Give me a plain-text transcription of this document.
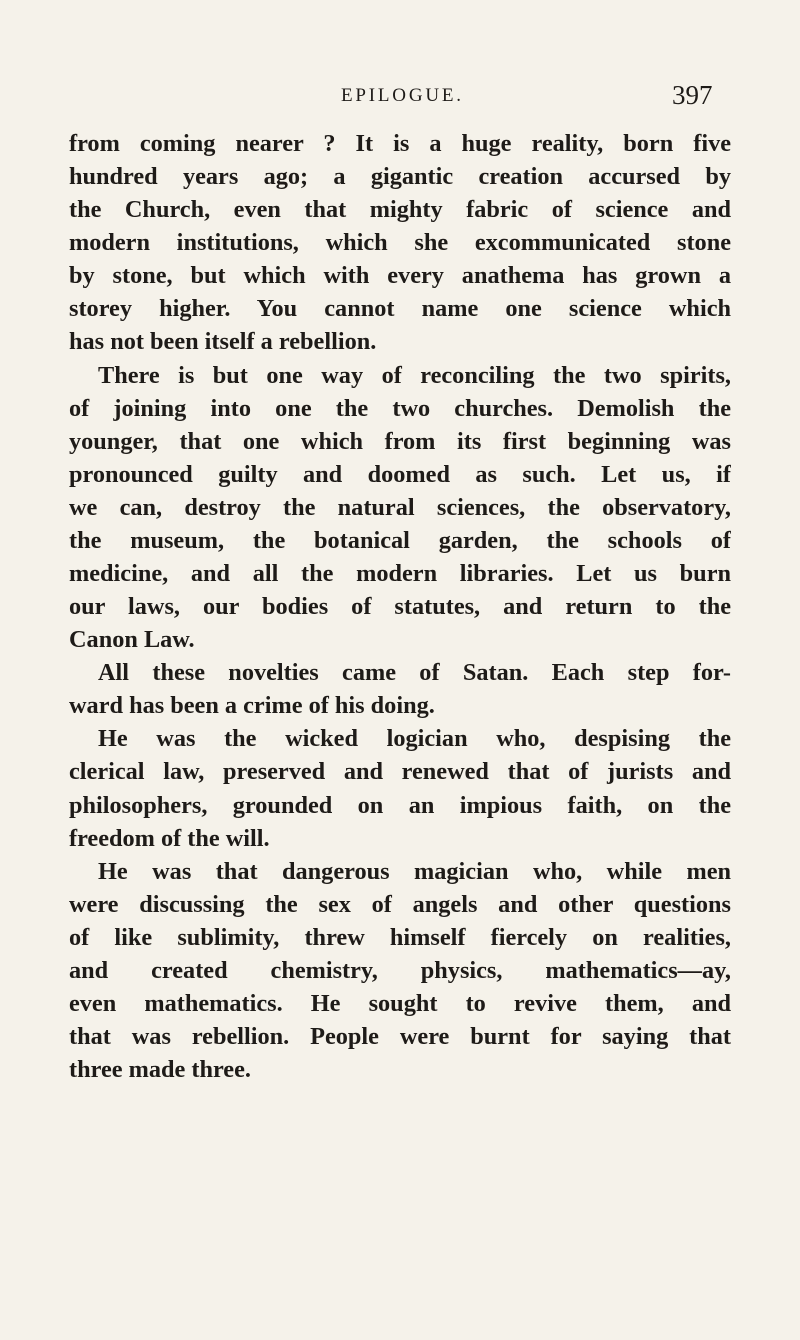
EPILOGUE.	397
from coming nearer ? It is a huge reality, born five
hundred years ago; a gigantic creation accursed by
the Church, even that mighty fabric of science and
modern institutions, which she excommunicated stone
by stone, but which with every anathema has grown a
storey higher. You cannot name one science which
has not been itself a rebellion.
There is but one way of reconciling the two spirits,
of joining into one the two churches. Demolish the
younger, that one which from its first beginning was
pronounced guilty and doomed as such. Let us, if
we can, destroy the natural sciences, the observatory,
the museum, the botanical garden, the schools of
medicine, and all the modern libraries. Let us burn
our laws, our bodies of statutes, and return to the
Canon Law.
All these novelties came of Satan. Each step for-
ward has been a crime of his doing.
He was the wicked logician who, despising the
clerical law, preserved and renewed that of jurists and
philosophers, grounded on an impious faith, on the
freedom of the will.
He was that dangerous magician who, while men
were discussing the sex of angels and other questions
of like sublimity, threw himself fiercely on realities,
and created chemistry, physics, mathematics—ay,
even mathematics. He sought to revive them, and
that was rebellion. People were burnt for saying that
three made three.
